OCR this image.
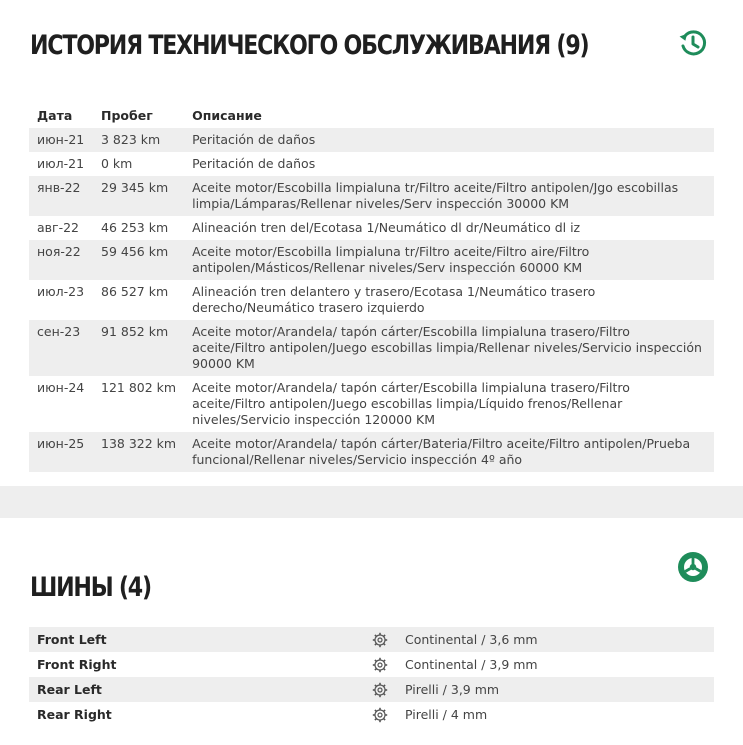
ИСТОРИЯ ТЕХНИЧЕСКОГО ОБСЛУЖИВАНИЯ (9)
Дата	Пробег	Описание
июн-21	3 823 km	Peritación de daños
июл-21	0 km	Peritación de daños
янв-22	29 345 km	Aceite motor/Escobilla limpialuna tr/Filtro aceite/Filtro antipolen/Jgo escobillas limpia/Lámparas/Rellenar niveles/Serv inspección 30000 KM
авг-22	46 253 km	Alineación tren del/Ecotasa 1/Neumático dl dr/Neumático dl iz
ноя-22	59 456 km	Aceite motor/Escobilla limpialuna tr/Filtro aceite/Filtro aire/Filtro antipolen/Másticos/Rellenar niveles/Serv inspección 60000 KM
июл-23	86 527 km	Alineación tren delantero y trasero/Ecotasa 1/Neumático trasero derecho/Neumático trasero izquierdo
сен-23	91 852 km	Aceite motor/Arandela/ tapón cárter/Escobilla limpialuna trasero/Filtro aceite/Filtro antipolen/Juego escobillas limpia/Rellenar niveles/Servicio inspección 90000 KM
июн-24	121 802 km	Aceite motor/Arandela/ tapón cárter/Escobilla limpialuna trasero/Filtro aceite/Filtro antipolen/Juego escobillas limpia/Líquido frenos/Rellenar niveles/Servicio inspección 120000 KM
июн-25	138 322 km	Aceite motor/Arandela/ tapón cárter/Bateria/Filtro aceite/Filtro antipolen/Prueba funcional/Rellenar niveles/Servicio inspección 4º año
ШИНЫ (4)
Front Left	Continental / 3,6 mm
Front Right	Continental / 3,9 mm
Rear Left	Pirelli / 3,9 mm
Rear Right	Pirelli / 4 mm
